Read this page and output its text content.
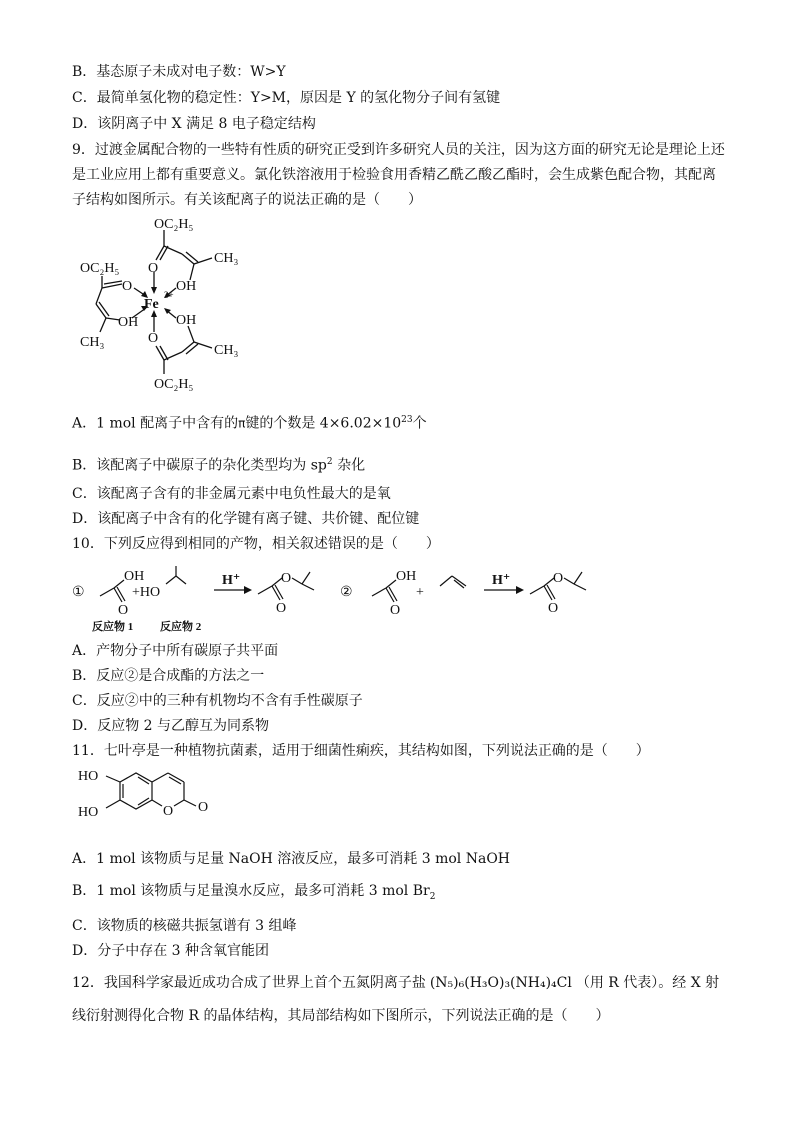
B．基态原子未成对电子数：W>Y
C．最简单氢化物的稳定性：Y>M，原因是 Y 的氢化物分子间有氢键
D．该阴离子中 X 满足 8 电子稳定结构
9．过渡金属配合物的一些特有性质的研究正受到许多研究人员的关注，因为这方面的研究无论是理论上还
是工业应用上都有重要意义。氯化铁溶液用于检验食用香精乙酰乙酸乙酯时，会生成紫色配合物，其配离
子结构如图所示。有关该配离子的说法正确的是（　　）
OC₂H₅
CH₃
O
OH
OC₂H₅
O
OH
CH₃
Fe
3+
OH
O
CH₃
OC₂H₅
A．1 mol 配离子中含有的π键的个数是 $4\times 6.02\times 10^{23}$个
B．该配离子中碳原子的杂化类型均为 $sp^2$ 杂化
C．该配离子含有的非金属元素中电负性最大的是氧
D．该配离子中含有的化学键有离子键、共价键、配位键
10．下列反应得到相同的产物，相关叙述错误的是（　　）
①
OH
+HO
O
H⁺	O
O
②
OH
O
+
H⁺	O
O
反应物 1 反应物 2
A．产物分子中所有碳原子共平面
B．反应②是合成酯的方法之一
C．反应②中的三种有机物均不含有手性碳原子
D．反应物 2 与乙醇互为同系物
11．七叶亭是一种植物抗菌素，适用于细菌性痢疾，其结构如图，下列说法正确的是（　　）
HO
HO	O O
A．1 mol 该物质与足量 NaOH 溶液反应，最多可消耗 3 mol NaOH
B．1 mol 该物质与足量溴水反应，最多可消耗 3 mol $Br_2$
C．该物质的核磁共振氢谱有 3 组峰
D．分子中存在 3 种含氧官能团
12．我国科学家最近成功合成了世界上首个五氮阴离子盐 (N₅)₆(H₃O)₃(NH₄)₄Cl （用 R 代表）。经 X 射
线衍射测得化合物 R 的晶体结构，其局部结构如下图所示，下列说法正确的是（　　）
